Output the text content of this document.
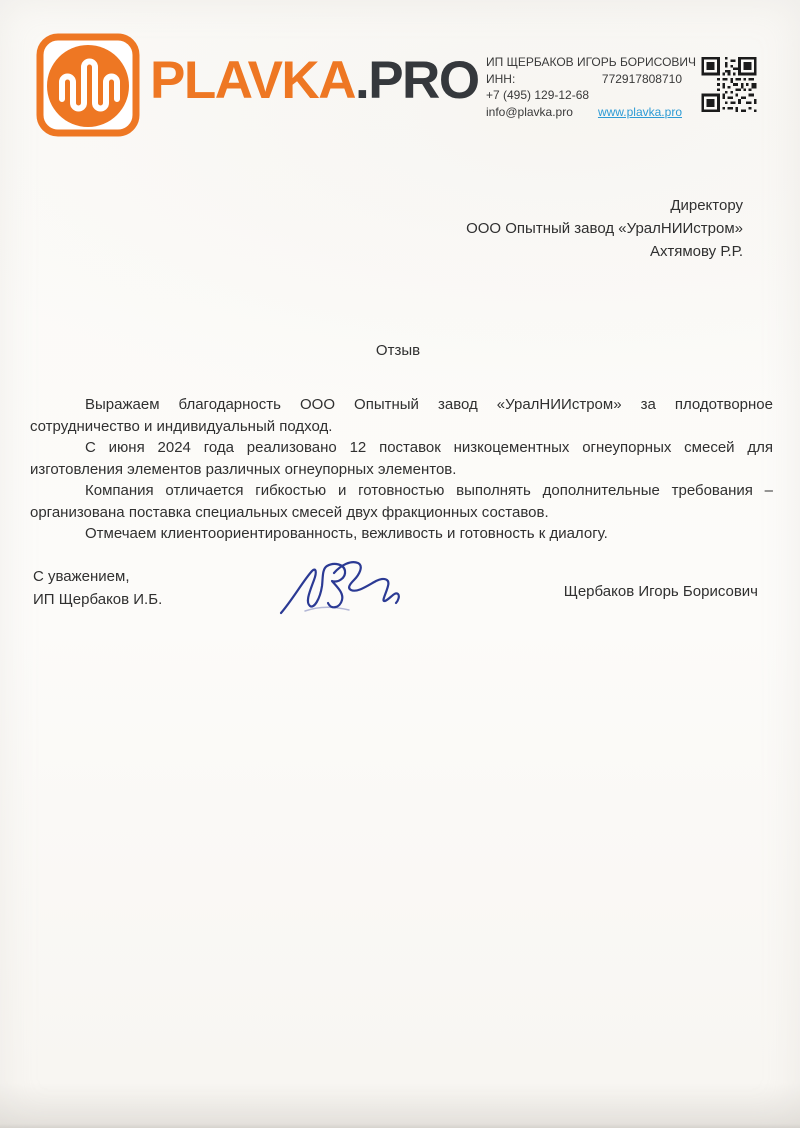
PLAVKA.PRO ИП ЩЕРБАКОВ ИГОРЬ БОРИСОВИЧ
ИНН:	772917808710
+7 (495) 129-12-68
info@plavka.pro www.plavka.pro
Директору
ООО Опытный завод «УралНИИстром»
Ахтямову Р.Р.
Отзыв

Выражаем благодарность ООО Опытный завод «УралНИИстром» за плодотворное сотрудничество и индивидуальный подход.

С июня 2024 года реализовано 12 поставок низкоцементных огнеупорных смесей для изготовления элементов различных огнеупорных элементов.

Компания отличается гибкостью и готовностью выполнять дополнительные требования – организована поставка специальных смесей двух фракционных составов.

Отмечаем клиентоориентированность, вежливость и готовность к диалогу.

С уважением,
ИП Щербаков И.Б.	Щербаков Игорь Борисович
